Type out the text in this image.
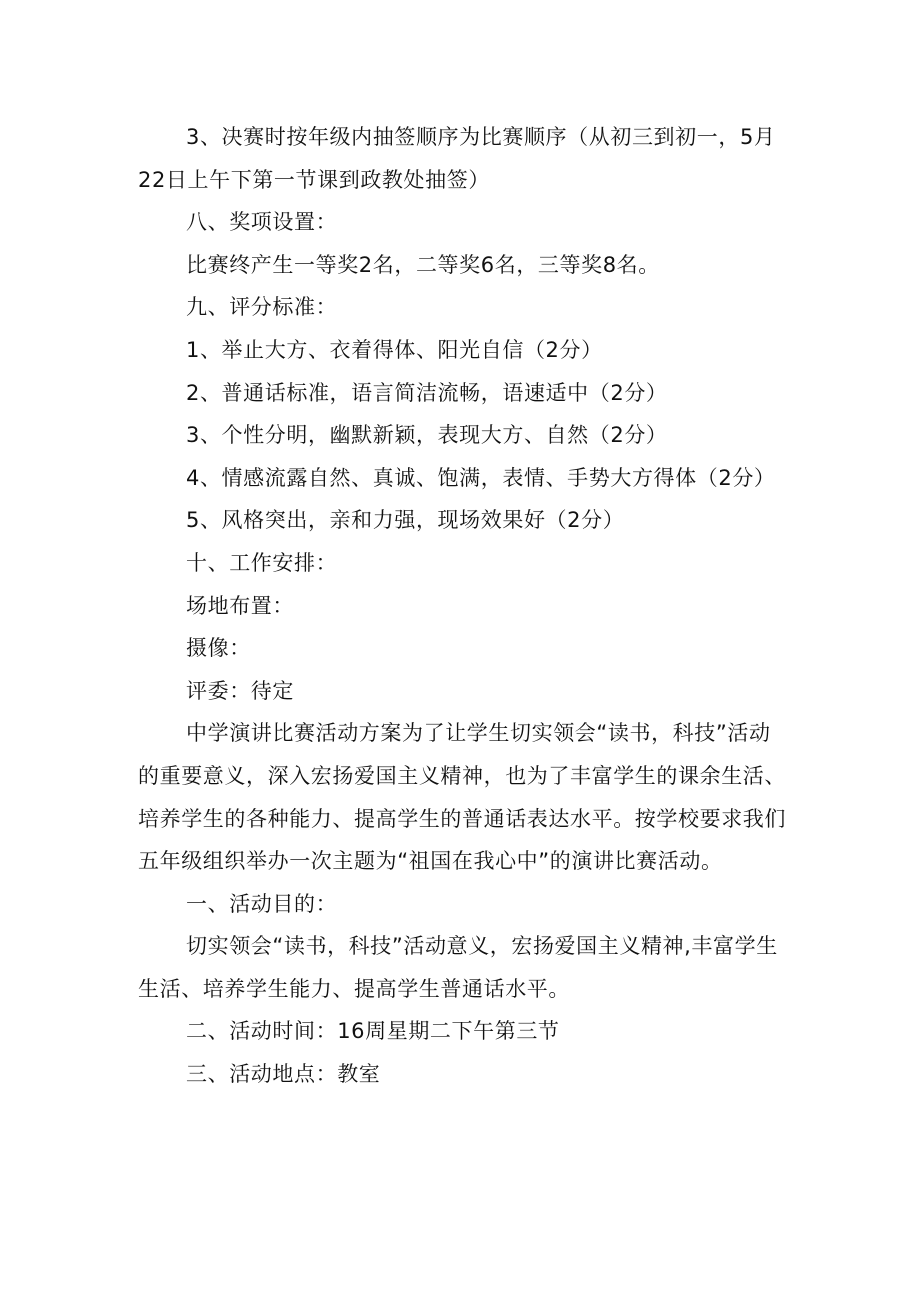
3、决赛时按年级内抽签顺序为比赛顺序（从初三到初一，5月22日上午下第一节课到政教处抽签）

八、奖项设置：

比赛终产生一等奖2名，二等奖6名，三等奖8名。

九、评分标准：

1、举止大方、衣着得体、阳光自信（2分）

2、普通话标准，语言简洁流畅，语速适中（2分）

3、个性分明，幽默新颖，表现大方、自然（2分）

4、情感流露自然、真诚、饱满，表情、手势大方得体（2分）

5、风格突出，亲和力强，现场效果好（2分）

十、工作安排：

场地布置：

摄像：

评委：待定

中学演讲比赛活动方案为了让学生切实领会“读书，科技”活动的重要意义，深入宏扬爱国主义精神，也为了丰富学生的课余生活、培养学生的各种能力、提高学生的普通话表达水平。按学校要求我们五年级组织举办一次主题为“祖国在我心中”的演讲比赛活动。

一、活动目的：

切实领会“读书，科技”活动意义，宏扬爱国主义精神,丰富学生生活、培养学生能力、提高学生普通话水平。

二、活动时间：16周星期二下午第三节

三、活动地点：教室
